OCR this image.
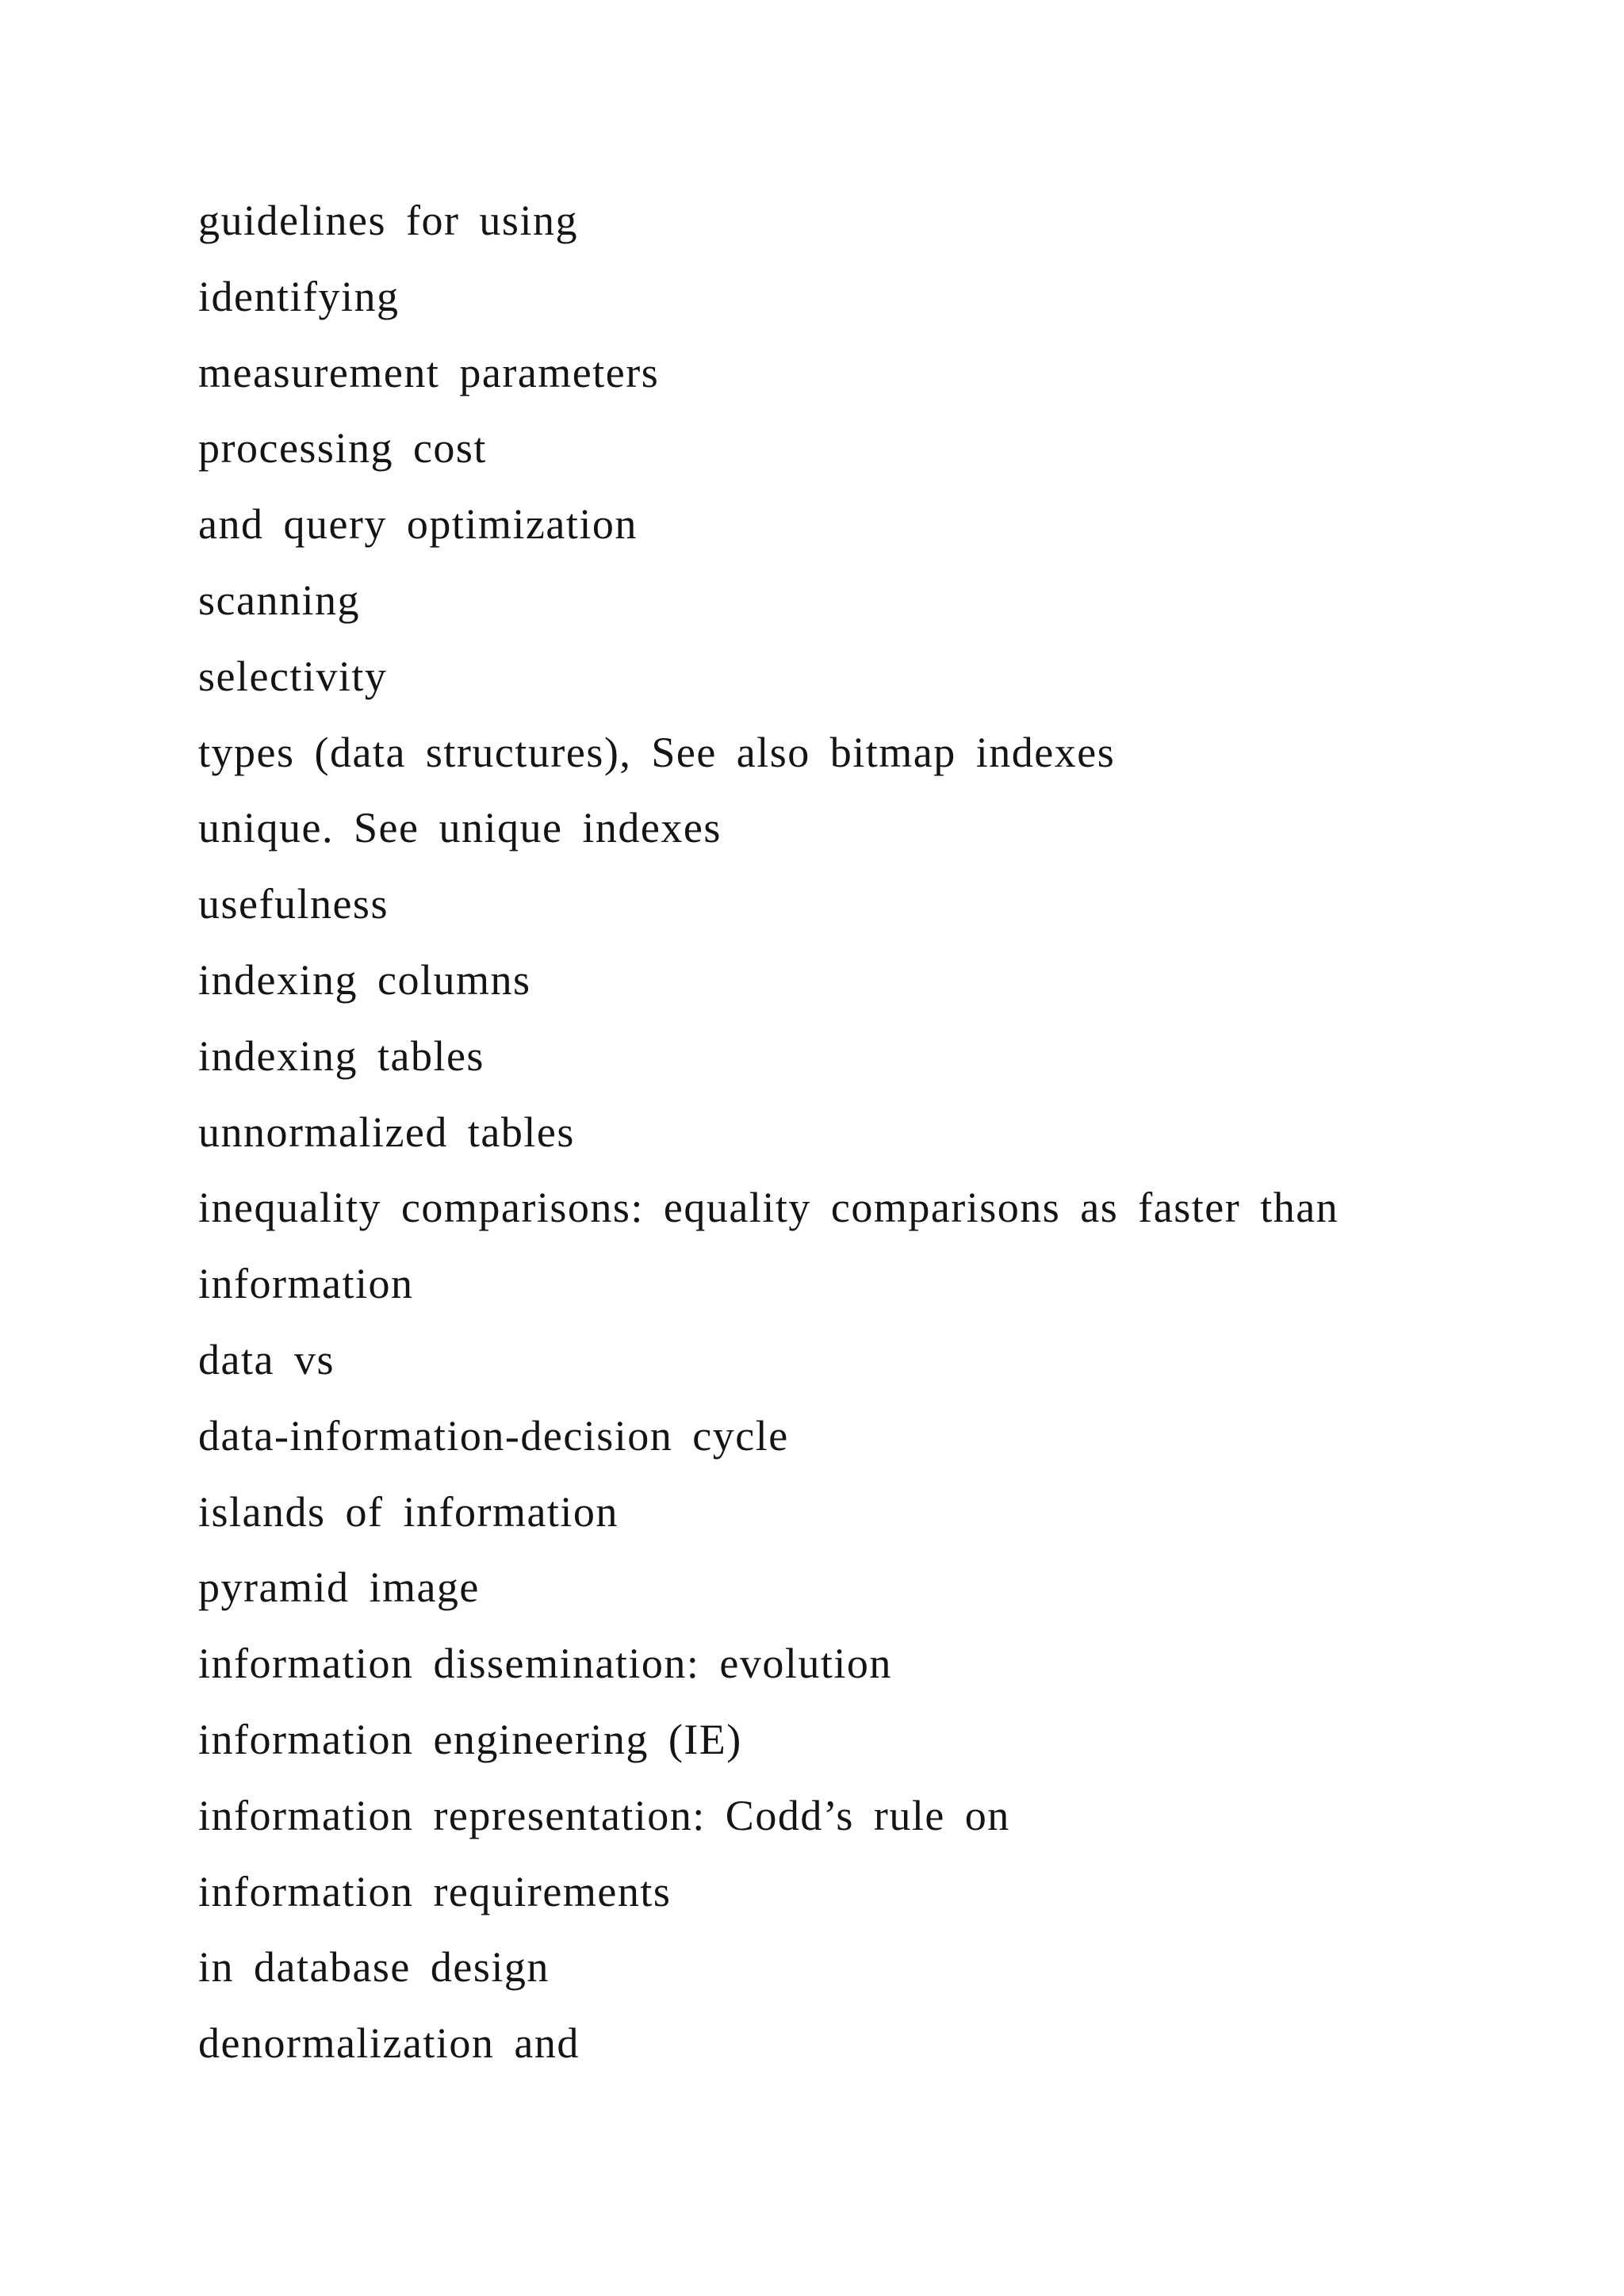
guidelines for using
identifying
measurement parameters
processing cost
and query optimization
scanning
selectivity
types (data structures), See also bitmap indexes
unique. See unique indexes
usefulness
indexing columns
indexing tables
unnormalized tables
inequality comparisons: equality comparisons as faster than
information
data vs
data-information-decision cycle
islands of information
pyramid image
information dissemination: evolution
information engineering (IE)
information representation: Codd’s rule on
information requirements
in database design
denormalization and
